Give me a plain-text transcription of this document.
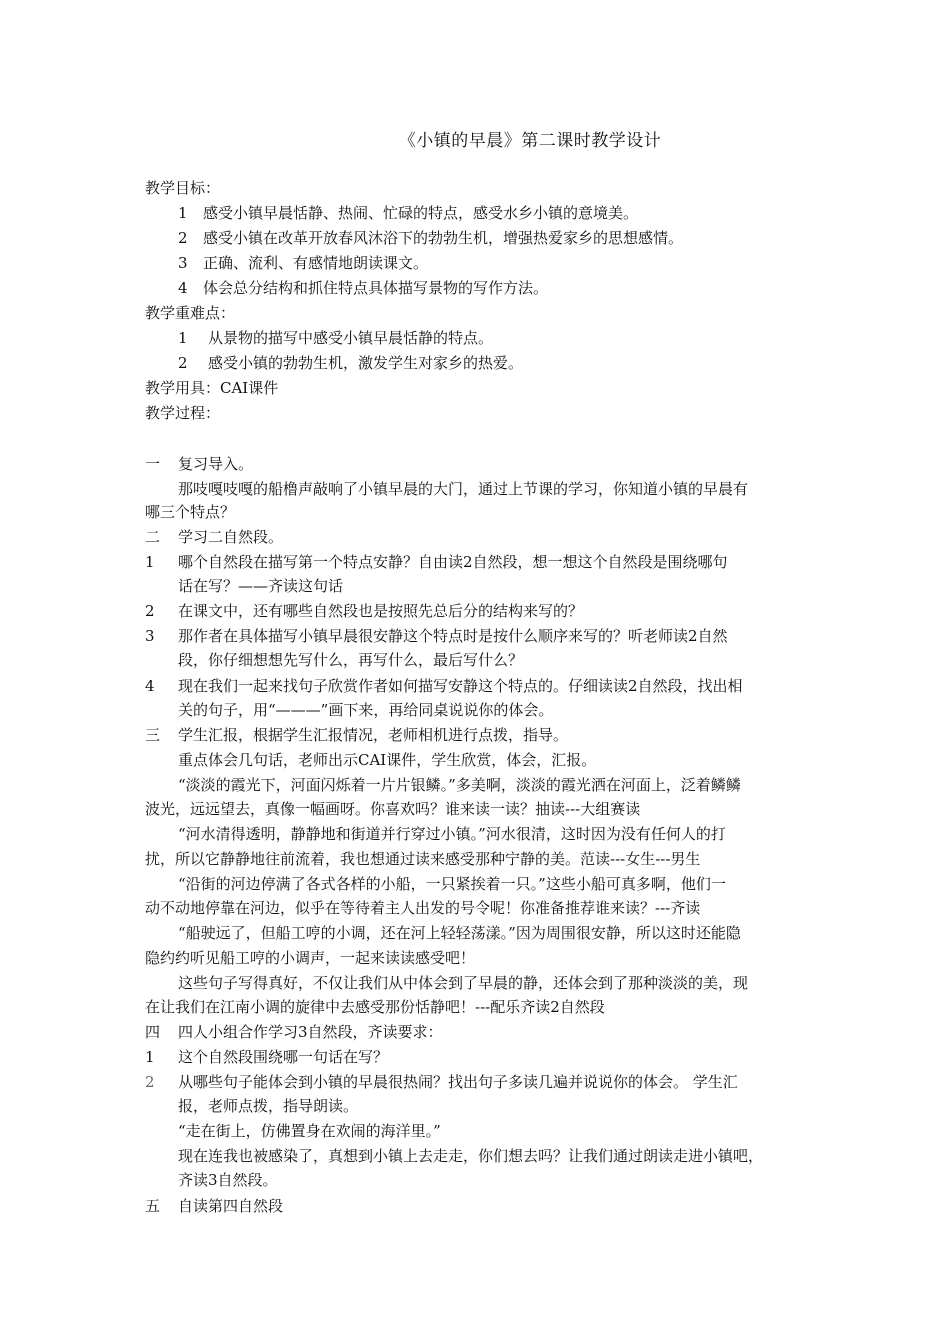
《小镇的早晨》第二课时教学设计
教学目标：
1 感受小镇早晨恬静、热闹、忙碌的特点，感受水乡小镇的意境美。
2 感受小镇在改革开放春风沐浴下的勃勃生机，增强热爱家乡的思想感情。
3 正确、流利、有感情地朗读课文。
4 体会总分结构和抓住特点具体描写景物的写作方法。
教学重难点：
1 从景物的描写中感受小镇早晨恬静的特点。
2 感受小镇的勃勃生机，激发学生对家乡的热爱。
教学用具：CAI课件
教学过程：
一 复习导入。
那吱嘎吱嘎的船橹声敲响了小镇早晨的大门，通过上节课的学习，你知道小镇的早晨有
哪三个特点？
二 学习二自然段。
1 哪个自然段在描写第一个特点安静？自由读2自然段，想一想这个自然段是围绕哪句
话在写？——齐读这句话
2 在课文中，还有哪些自然段也是按照先总后分的结构来写的？
3 那作者在具体描写小镇早晨很安静这个特点时是按什么顺序来写的？听老师读2自然
段，你仔细想想先写什么，再写什么，最后写什么？
4 现在我们一起来找句子欣赏作者如何描写安静这个特点的。仔细读读2自然段，找出相
关的句子，用“———”画下来，再给同桌说说你的体会。
三 学生汇报，根据学生汇报情况，老师相机进行点拨，指导。
重点体会几句话，老师出示CAI课件，学生欣赏，体会，汇报。
“淡淡的霞光下，河面闪烁着一片片银鳞。”多美啊，淡淡的霞光洒在河面上，泛着鳞鳞
波光，远远望去，真像一幅画呀。你喜欢吗？谁来读一读？抽读---大组赛读
“河水清得透明，静静地和街道并行穿过小镇。”河水很清，这时因为没有任何人的打
扰，所以它静静地往前流着，我也想通过读来感受那种宁静的美。范读---女生---男生
“沿街的河边停满了各式各样的小船，一只紧挨着一只。”这些小船可真多啊，他们一
动不动地停靠在河边，似乎在等待着主人出发的号令呢！你准备推荐谁来读？---齐读
“船驶远了，但船工哼的小调，还在河上轻轻荡漾。”因为周围很安静，所以这时还能隐
隐约约听见船工哼的小调声，一起来读读感受吧！
这些句子写得真好，不仅让我们从中体会到了早晨的静，还体会到了那种淡淡的美，现
在让我们在江南小调的旋律中去感受那份恬静吧！---配乐齐读2自然段
四 四人小组合作学习3自然段，齐读要求：
1 这个自然段围绕哪一句话在写？
2 从哪些句子能体会到小镇的早晨很热闹？找出句子多读几遍并说说你的体会。 学生汇
报，老师点拨，指导朗读。
“走在街上，仿佛置身在欢闹的海洋里。”
现在连我也被感染了，真想到小镇上去走走，你们想去吗？让我们通过朗读走进小镇吧，
齐读3自然段。
五 自读第四自然段
